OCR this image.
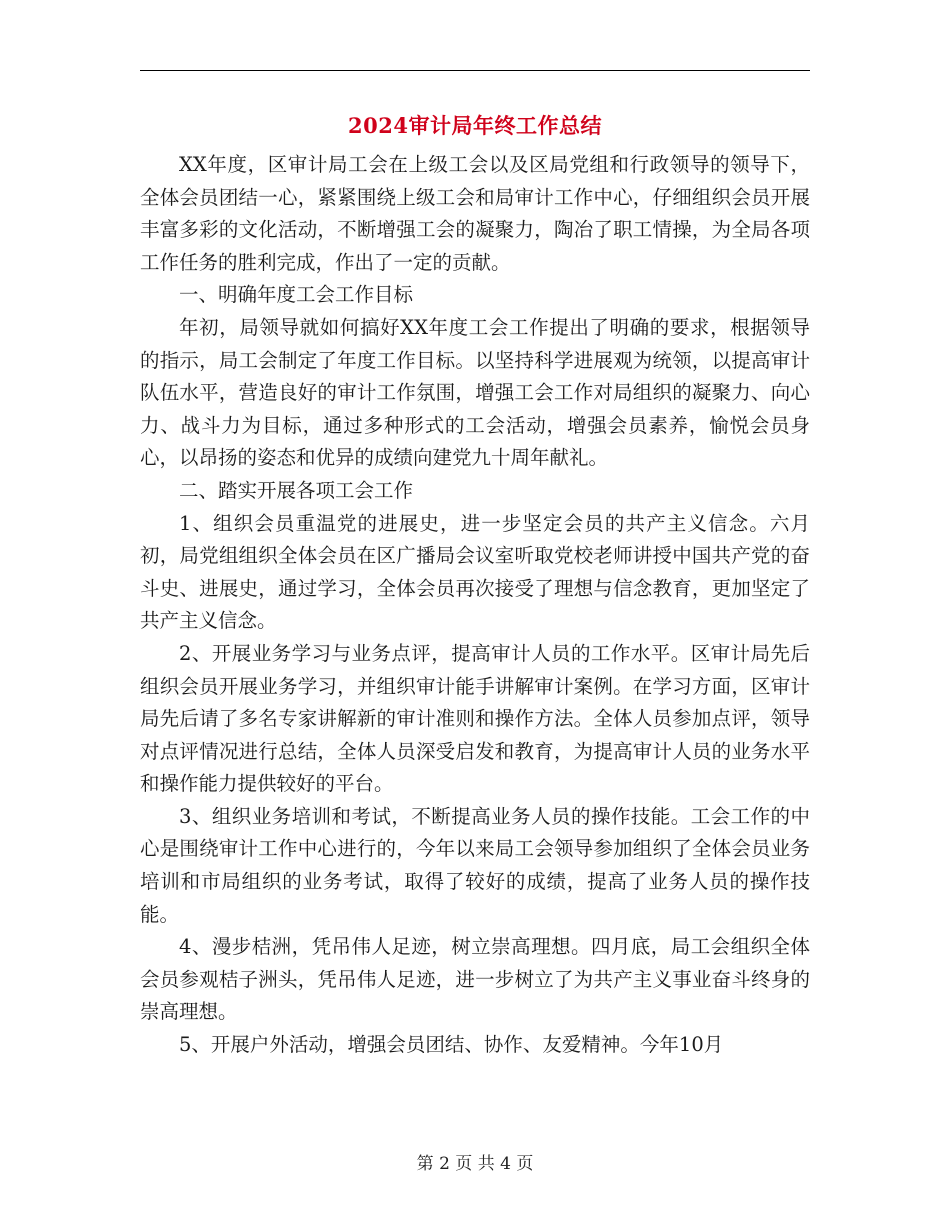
2024审计局年终工作总结

XX年度，区审计局工会在上级工会以及区局党组和行政领导的领导下，全体会员团结一心，紧紧围绕上级工会和局审计工作中心，仔细组织会员开展丰富多彩的文化活动，不断增强工会的凝聚力，陶冶了职工情操，为全局各项工作任务的胜利完成，作出了一定的贡献。

一、明确年度工会工作目标

年初，局领导就如何搞好XX年度工会工作提出了明确的要求，根据领导的指示，局工会制定了年度工作目标。以坚持科学进展观为统领，以提高审计队伍水平，营造良好的审计工作氛围，增强工会工作对局组织的凝聚力、向心力、战斗力为目标，通过多种形式的工会活动，增强会员素养，愉悦会员身心，以昂扬的姿态和优异的成绩向建党九十周年献礼。

二、踏实开展各项工会工作

1、组织会员重温党的进展史，进一步坚定会员的共产主义信念。六月初，局党组组织全体会员在区广播局会议室听取党校老师讲授中国共产党的奋斗史、进展史，通过学习，全体会员再次接受了理想与信念教育，更加坚定了共产主义信念。

2、开展业务学习与业务点评，提高审计人员的工作水平。区审计局先后组织会员开展业务学习，并组织审计能手讲解审计案例。在学习方面，区审计局先后请了多名专家讲解新的审计准则和操作方法。全体人员参加点评，领导对点评情况进行总结，全体人员深受启发和教育，为提高审计人员的业务水平和操作能力提供较好的平台。

3、组织业务培训和考试，不断提高业务人员的操作技能。工会工作的中心是围绕审计工作中心进行的，今年以来局工会领导参加组织了全体会员业务培训和市局组织的业务考试，取得了较好的成绩，提高了业务人员的操作技能。

4、漫步桔洲，凭吊伟人足迹，树立崇高理想。四月底，局工会组织全体会员参观桔子洲头，凭吊伟人足迹，进一步树立了为共产主义事业奋斗终身的崇高理想。

5、开展户外活动，增强会员团结、协作、友爱精神。今年10月

第 2 页 共 4 页
